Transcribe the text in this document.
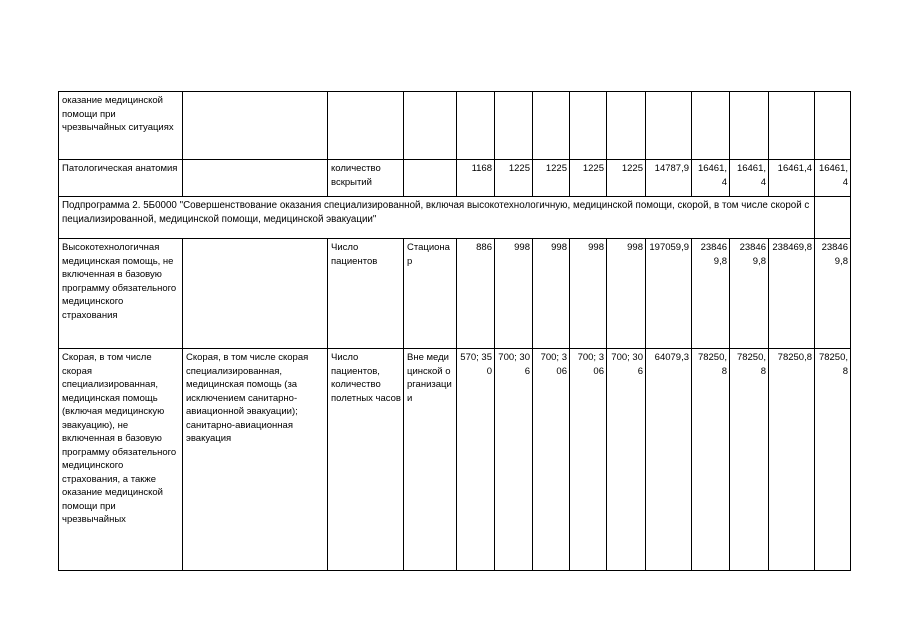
оказание медицинской помощи при чрезвычайных ситуациях													
Патологическая анатомия		количество вскрытий		1168	1225	1225	1225	1225	14787,9	16461,4	16461,4	16461,4	16461,4
Подпрограмма 2. 5Б0000 "Совершенствование оказания специализированной, включая высокотехнологичную, медицинской помощи, скорой, в том числе скорой специализированной, медицинской помощи, медицинской эвакуации"													
Высокотехнологичная медицинская помощь, не включенная в базовую программу обязательного медицинского страхования		Число пациентов	Стационар	886	998	998	998	998	197059,9	238469,8	238469,8	238469,8	238469,8

Скорая, в том числе скорая специализированная, медицинская помощь (включая медицинскую эвакуацию), не включенная в базовую программу обязательного медицинского страхования, а также оказание медицинской помощи при чрезвычайных	Скорая, в том числе скорая специализированная, медицинская помощь (за исключением санитарно-авиационной эвакуации); санитарно-авиационная эвакуация	Число пациентов, количество полетных часов	Вне медицинской организации	570; 350	700; 306	700; 306	700; 306	700; 306	64079,3	78250,8	78250,8	78250,8	78250,8
